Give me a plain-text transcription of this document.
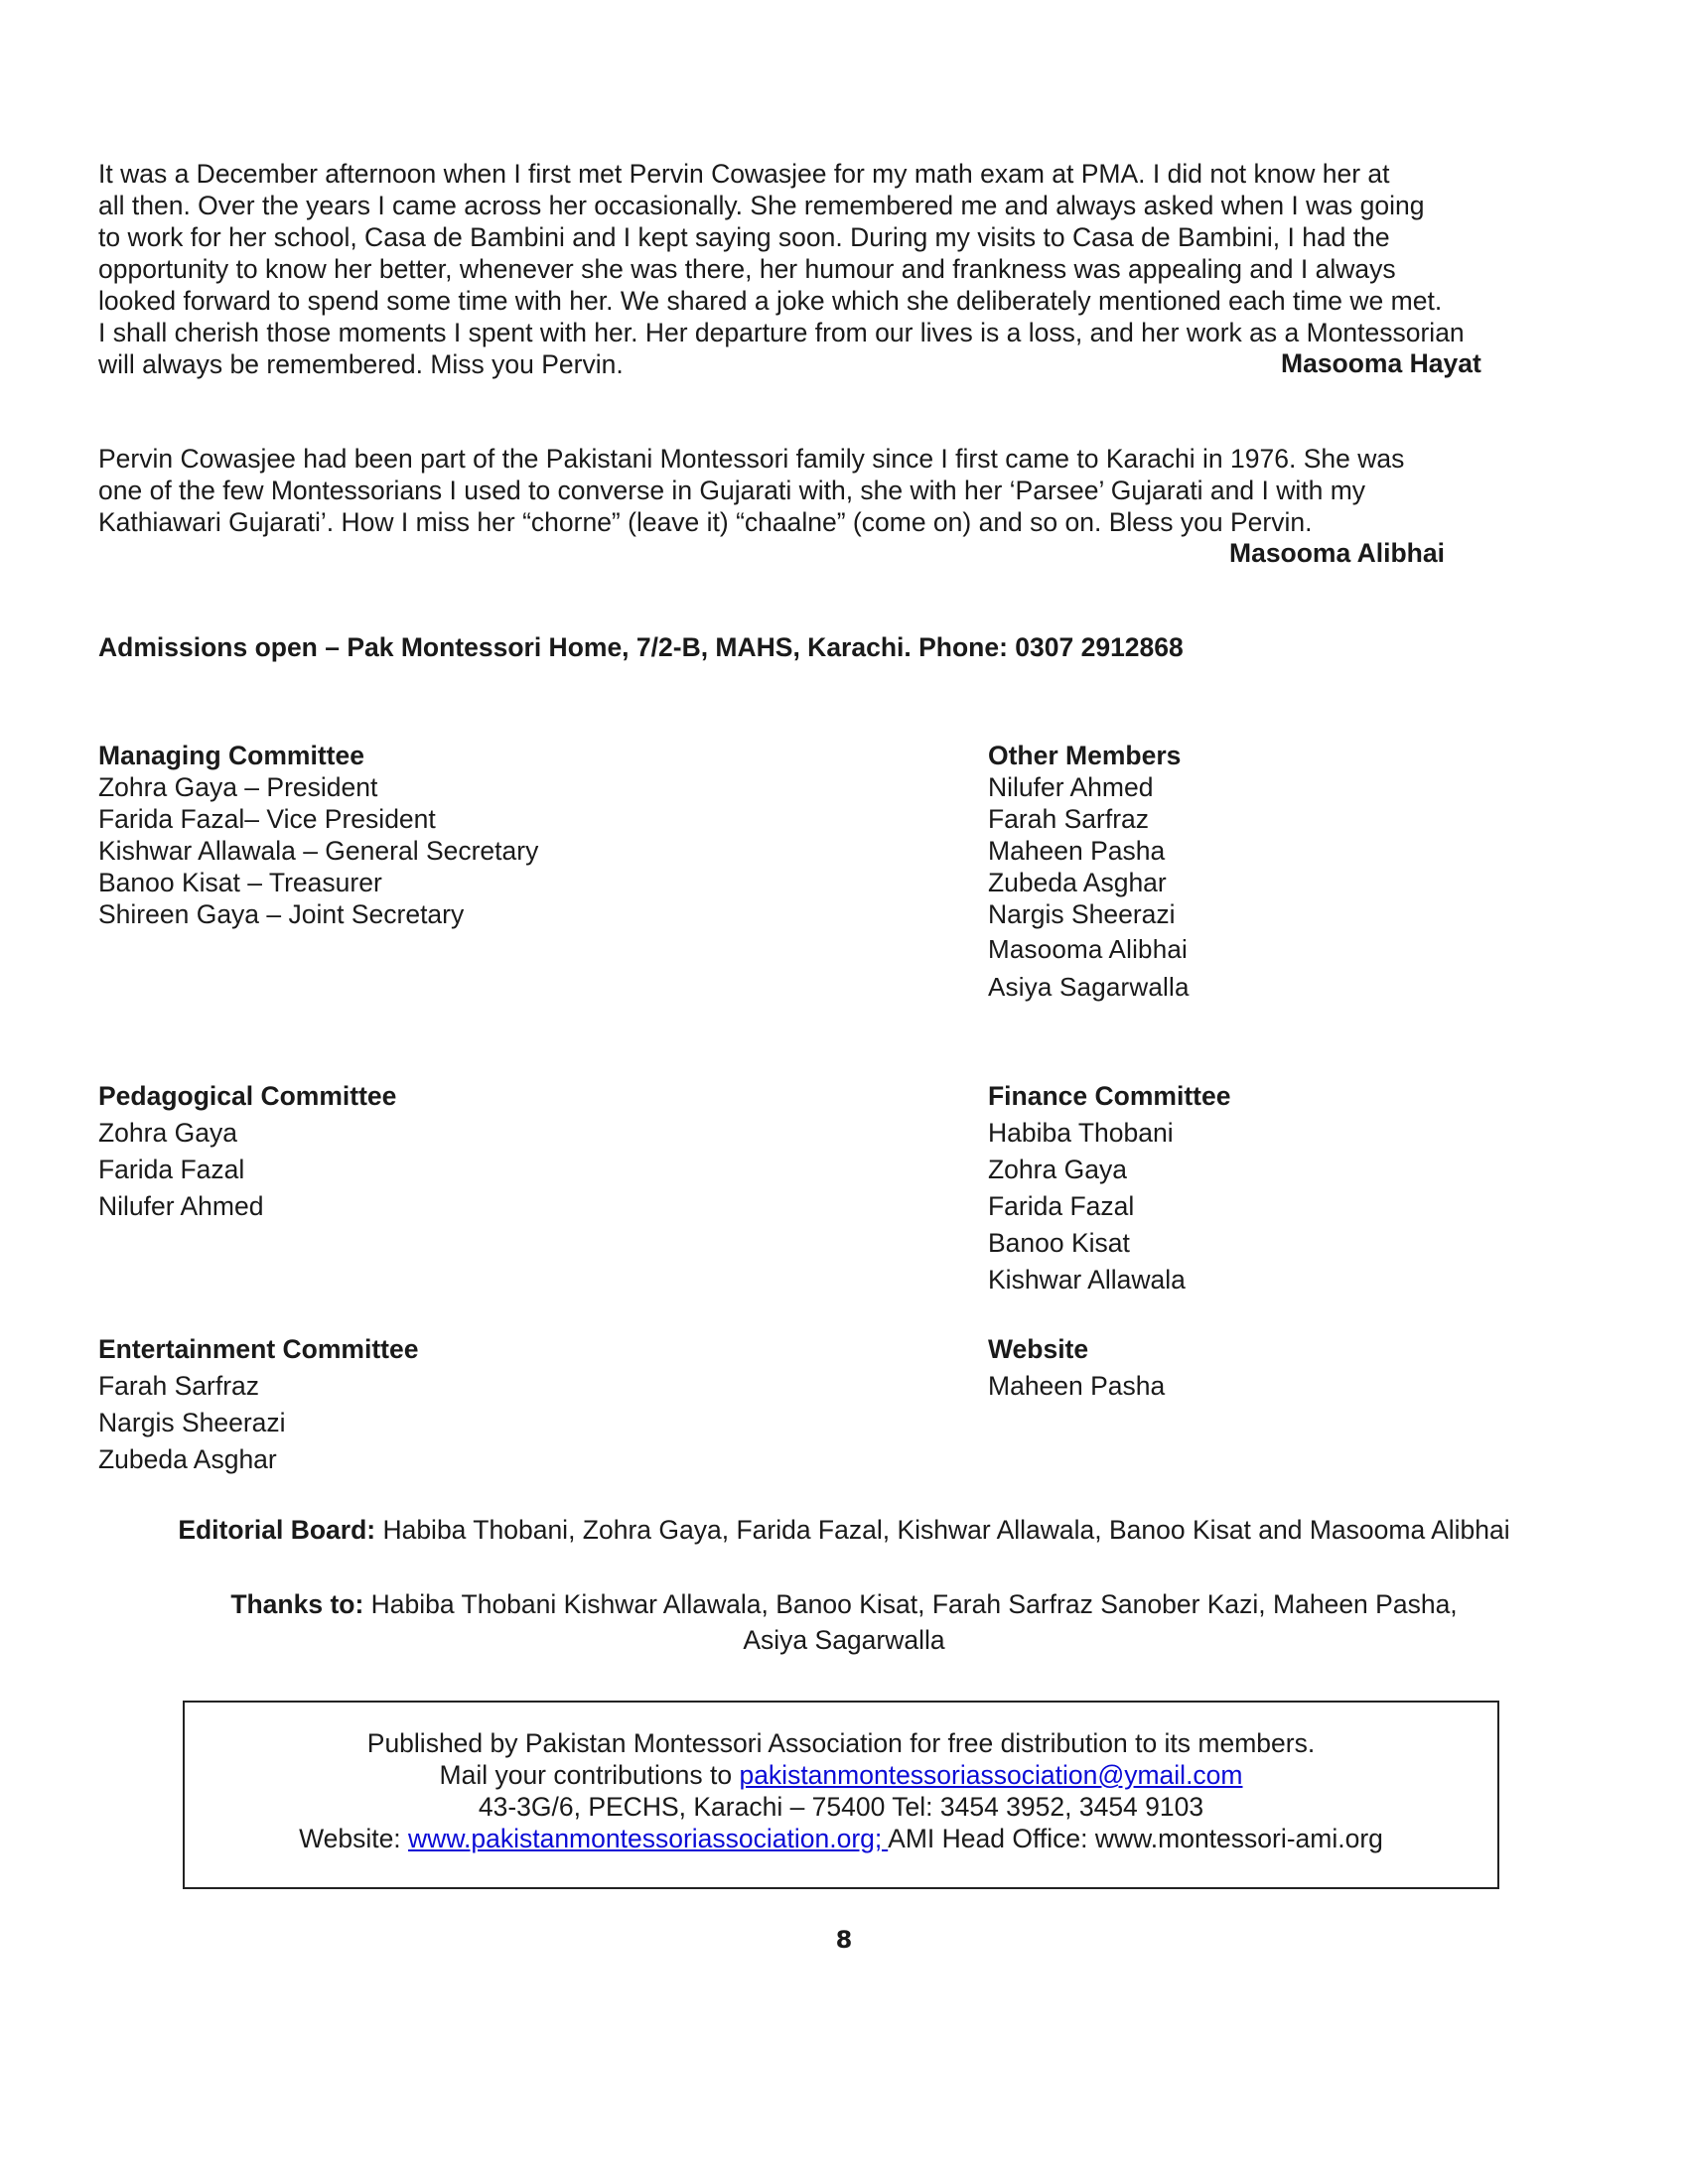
It was a December afternoon when I first met Pervin Cowasjee for my math exam at PMA. I did not know her at
all then. Over the years I came across her occasionally. She remembered me and always asked when I was going
to work for her school, Casa de Bambini and I kept saying soon. During my visits to Casa de Bambini, I had the
opportunity to know her better, whenever she was there, her humour and frankness was appealing and I always
looked forward to spend some time with her. We shared a joke which she deliberately mentioned each time we met.
I shall cherish those moments I spent with her. Her departure from our lives is a loss, and her work as a Montessorian
will always be remembered. Miss you Pervin.	Masooma Hayat
Pervin Cowasjee had been part of the Pakistani Montessori family since I first came to Karachi in 1976. She was
one of the few Montessorians I used to converse in Gujarati with, she with her ‘Parsee’ Gujarati and I with my
Kathiawari Gujarati’. How I miss her “chorne” (leave it) “chaalne” (come on) and so on. Bless you Pervin.
Masooma Alibhai
Admissions open – Pak Montessori Home, 7/2-B, MAHS, Karachi. Phone: 0307 2912868
Managing Committee
Zohra Gaya – President
Farida Fazal– Vice President
Kishwar Allawala – General Secretary
Banoo Kisat – Treasurer
Shireen Gaya – Joint Secretary
Other Members
Nilufer Ahmed
Farah Sarfraz
Maheen Pasha
Zubeda Asghar
Nargis Sheerazi
Masooma Alibhai
Asiya Sagarwalla
Pedagogical Committee
Zohra Gaya
Farida Fazal
Nilufer Ahmed
Finance Committee
Habiba Thobani
Zohra Gaya
Farida Fazal
Banoo Kisat
Kishwar Allawala
Entertainment Committee
Farah Sarfraz
Nargis Sheerazi
Zubeda Asghar
Website
Maheen Pasha
Editorial Board: Habiba Thobani, Zohra Gaya, Farida Fazal, Kishwar Allawala, Banoo Kisat and Masooma Alibhai
Thanks to: Habiba Thobani Kishwar Allawala, Banoo Kisat, Farah Sarfraz Sanober Kazi, Maheen Pasha,
Asiya Sagarwalla
Published by Pakistan Montessori Association for free distribution to its members.
Mail your contributions to pakistanmontessoriassociation@ymail.com
43-3G/6, PECHS, Karachi – 75400 Tel: 3454 3952, 3454 9103
Website: www.pakistanmontessoriassociation.org; AMI Head Office: www.montessori-ami.org
8
